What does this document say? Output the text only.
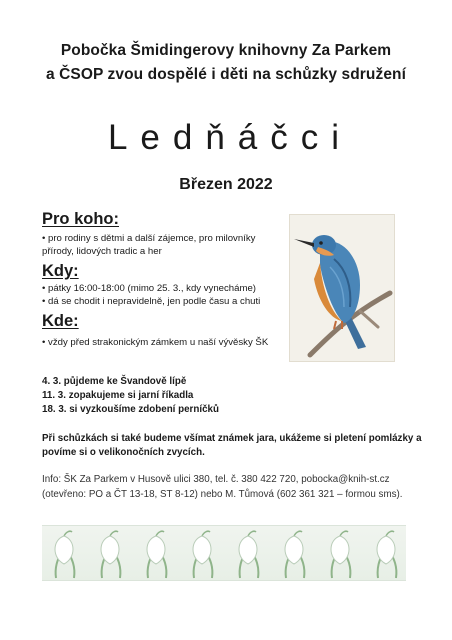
Pobočka Šmidingerovy knihovny Za Parkem
a ČSOP zvou dospělé i děti na schůzky sdružení
Ledňáčci
Březen 2022
Pro koho:
• pro rodiny s dětmi a další zájemce, pro milovníky přírody, lidových tradic a her
Kdy:
• pátky 16:00-18:00 (mimo 25. 3., kdy vynecháme)
• dá se chodit i nepravidelně, jen podle času a chuti
Kde:
• vždy před strakonickým zámkem u naší vývěsky ŠK
4. 3. půjdeme ke Švandově lípě
11. 3. zopakujeme si jarní říkadla
18. 3. si vyzkoušíme zdobení perníčků
Při schůzkách si také budeme všímat známek jara, ukážeme si pletení pomlázky a povíme si o velikonočních zvycích.
Info: ŠK Za Parkem v Husově ulici 380, tel. č. 380 422 720, pobocka@knih-st.cz
(otevřeno: PO a ČT 13-18, ST 8-12) nebo M. Tůmová (602 361 321 – formou sms).
